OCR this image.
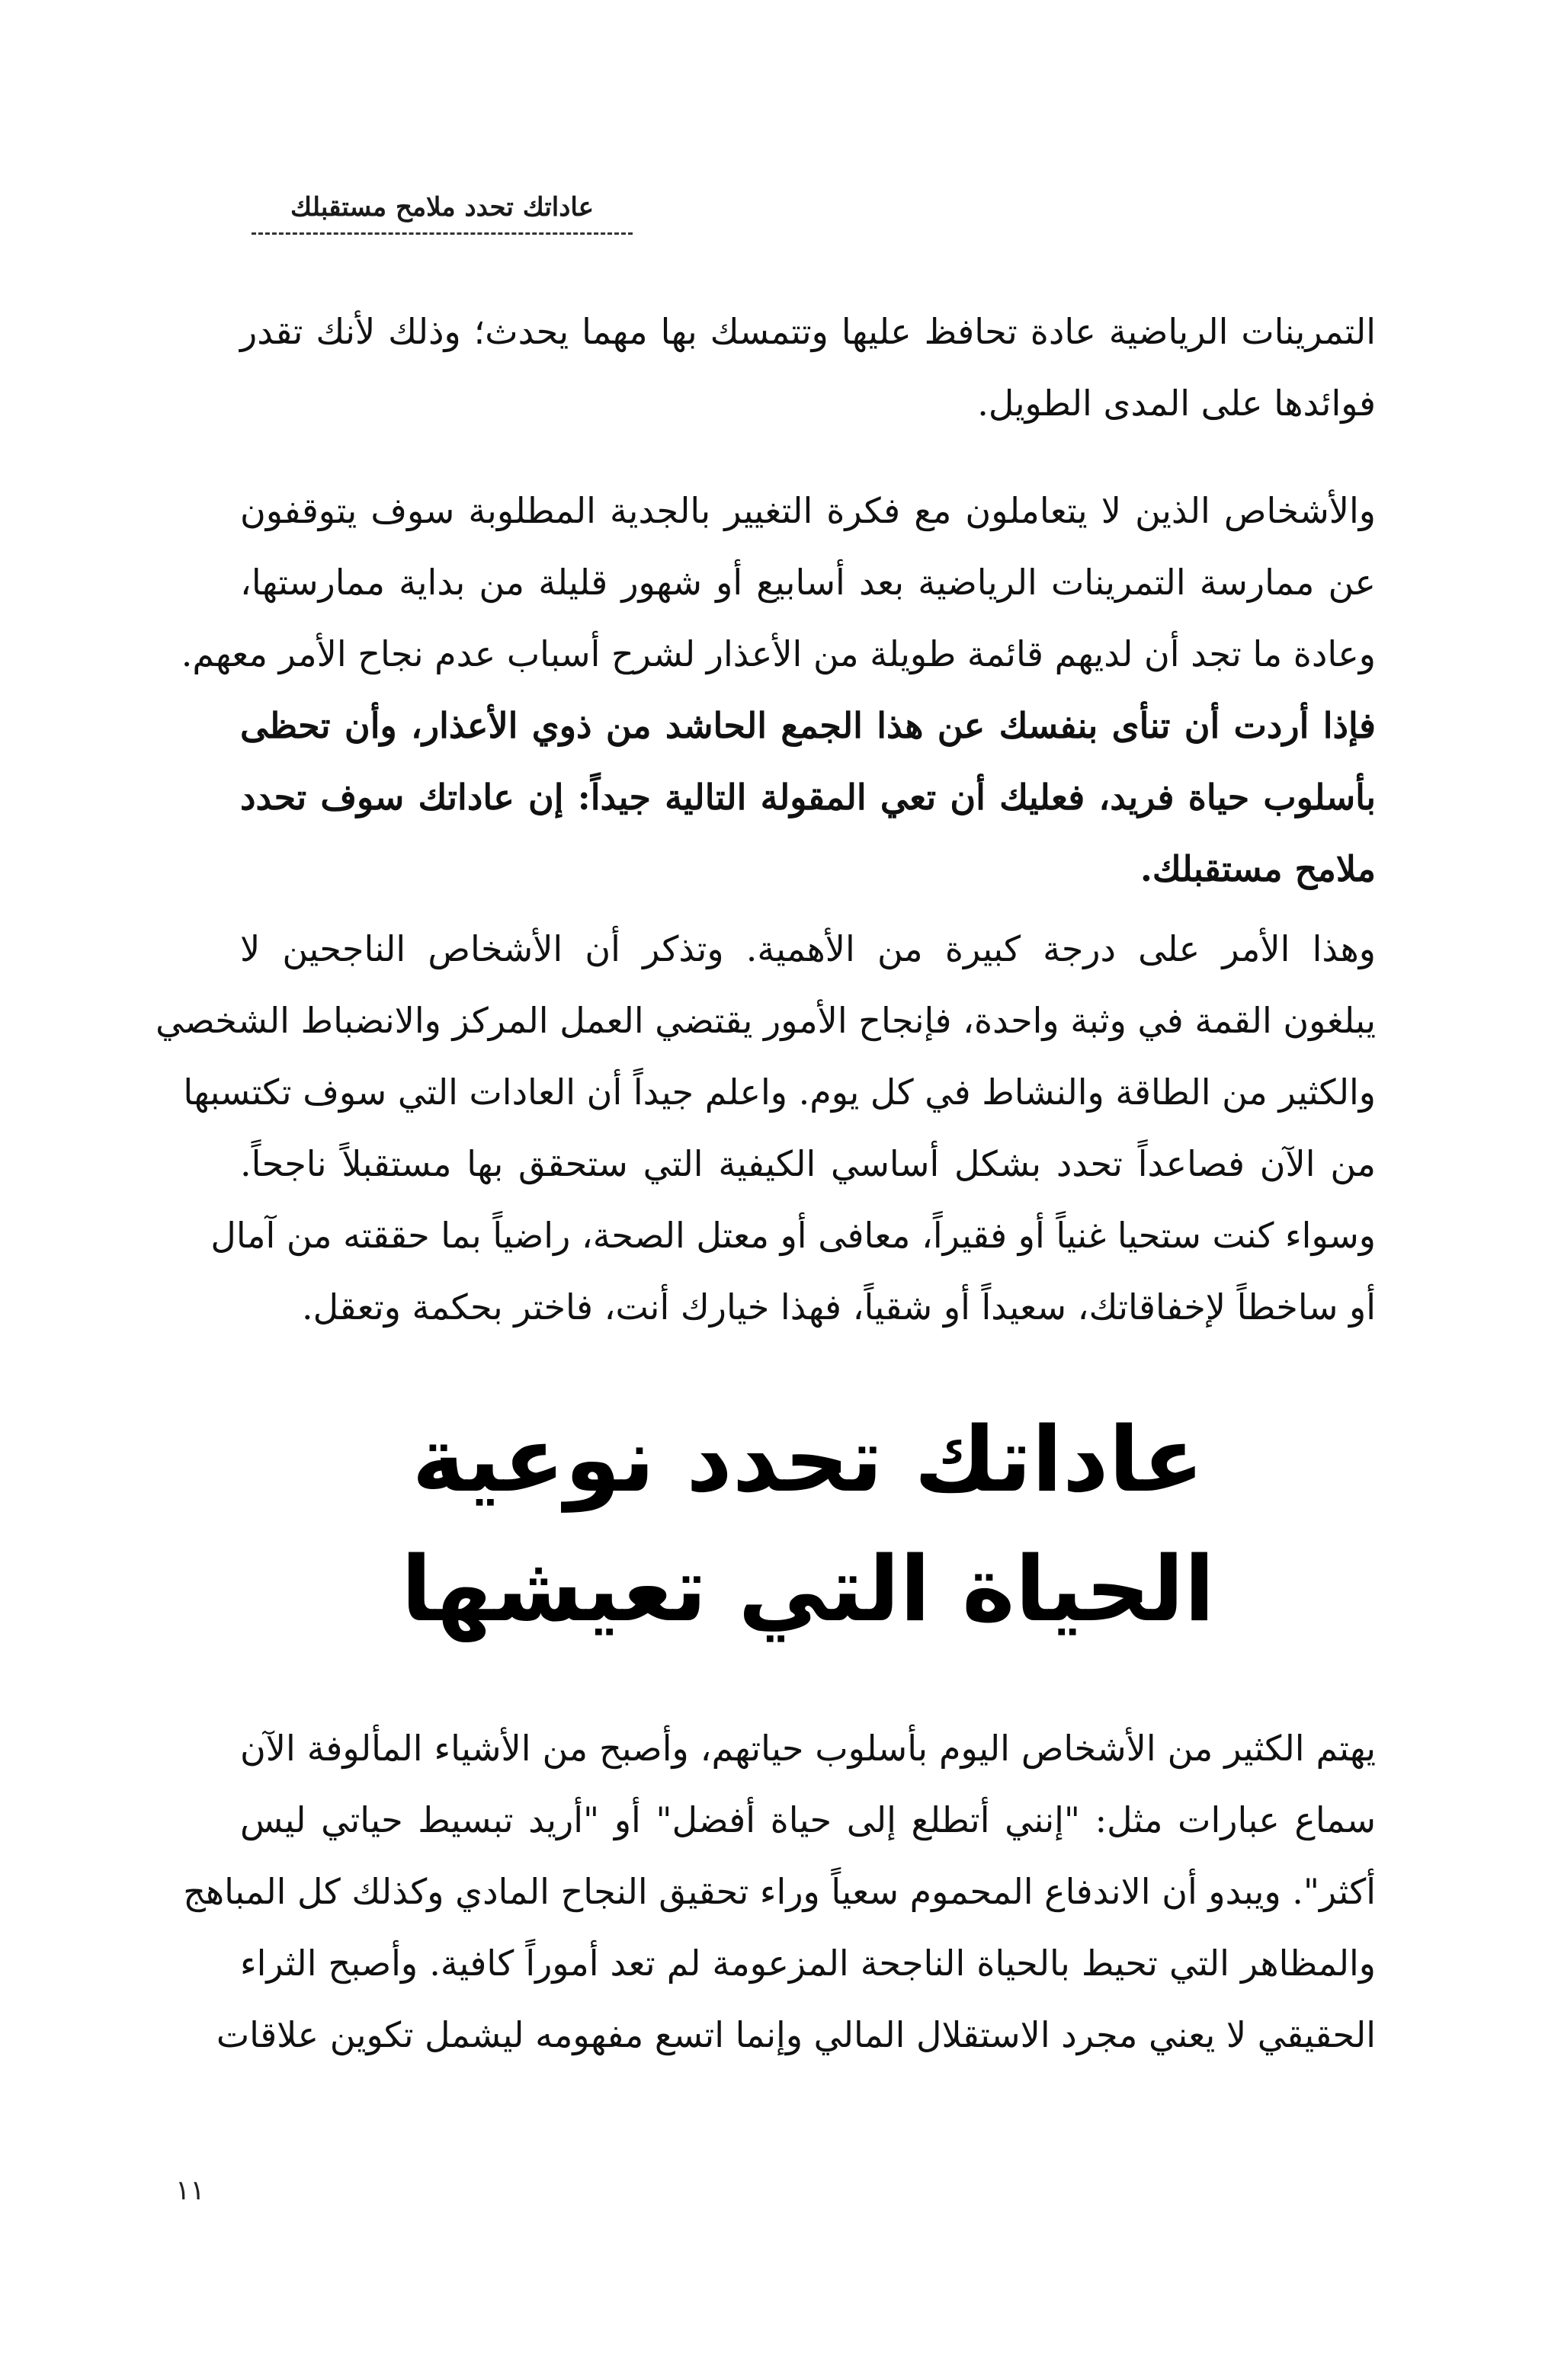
عاداتك تحدد ملامح مستقبلك
التمرينات الرياضية عادة تحافظ عليها وتتمسك بها مهما يحدث؛ وذلك لأنك تقدر
فوائدها على المدى الطويل.
والأشخاص الذين لا يتعاملون مع فكرة التغيير بالجدية المطلوبة سوف يتوقفون
عن ممارسة التمرينات الرياضية بعد أسابيع أو شهور قليلة من بداية ممارستها،
وعادة ما تجد أن لديهم قائمة طويلة من الأعذار لشرح أسباب عدم نجاح الأمر معهم.
فإذا أردت أن تنأى بنفسك عن هذا الجمع الحاشد من ذوي الأعذار، وأن تحظى
بأسلوب حياة فريد، فعليك أن تعي المقولة التالية جيداً: إن عاداتك سوف تحدد
ملامح مستقبلك.
وهذا الأمر على درجة كبيرة من الأهمية. وتذكر أن الأشخاص الناجحين لا
يبلغون القمة في وثبة واحدة، فإنجاح الأمور يقتضي العمل المركز والانضباط الشخصي
والكثير من الطاقة والنشاط في كل يوم. واعلم جيداً أن العادات التي سوف تكتسبها
من الآن فصاعداً تحدد بشكل أساسي الكيفية التي ستحقق بها مستقبلاً ناجحاً.
وسواء كنت ستحيا غنياً أو فقيراً، معافى أو معتل الصحة، راضياً بما حققته من آمال
أو ساخطاً لإخفاقاتك، سعيداً أو شقياً، فهذا خيارك أنت، فاختر بحكمة وتعقل.
عاداتك تحدد نوعية
الحياة التي تعيشها
يهتم الكثير من الأشخاص اليوم بأسلوب حياتهم، وأصبح من الأشياء المألوفة الآن
سماع عبارات مثل: "إنني أتطلع إلى حياة أفضل" أو "أريد تبسيط حياتي ليس
أكثر". ويبدو أن الاندفاع المحموم سعياً وراء تحقيق النجاح المادي وكذلك كل المباهج
والمظاهر التي تحيط بالحياة الناجحة المزعومة لم تعد أموراً كافية. وأصبح الثراء
الحقيقي لا يعني مجرد الاستقلال المالي وإنما اتسع مفهومه ليشمل تكوين علاقات
١١
